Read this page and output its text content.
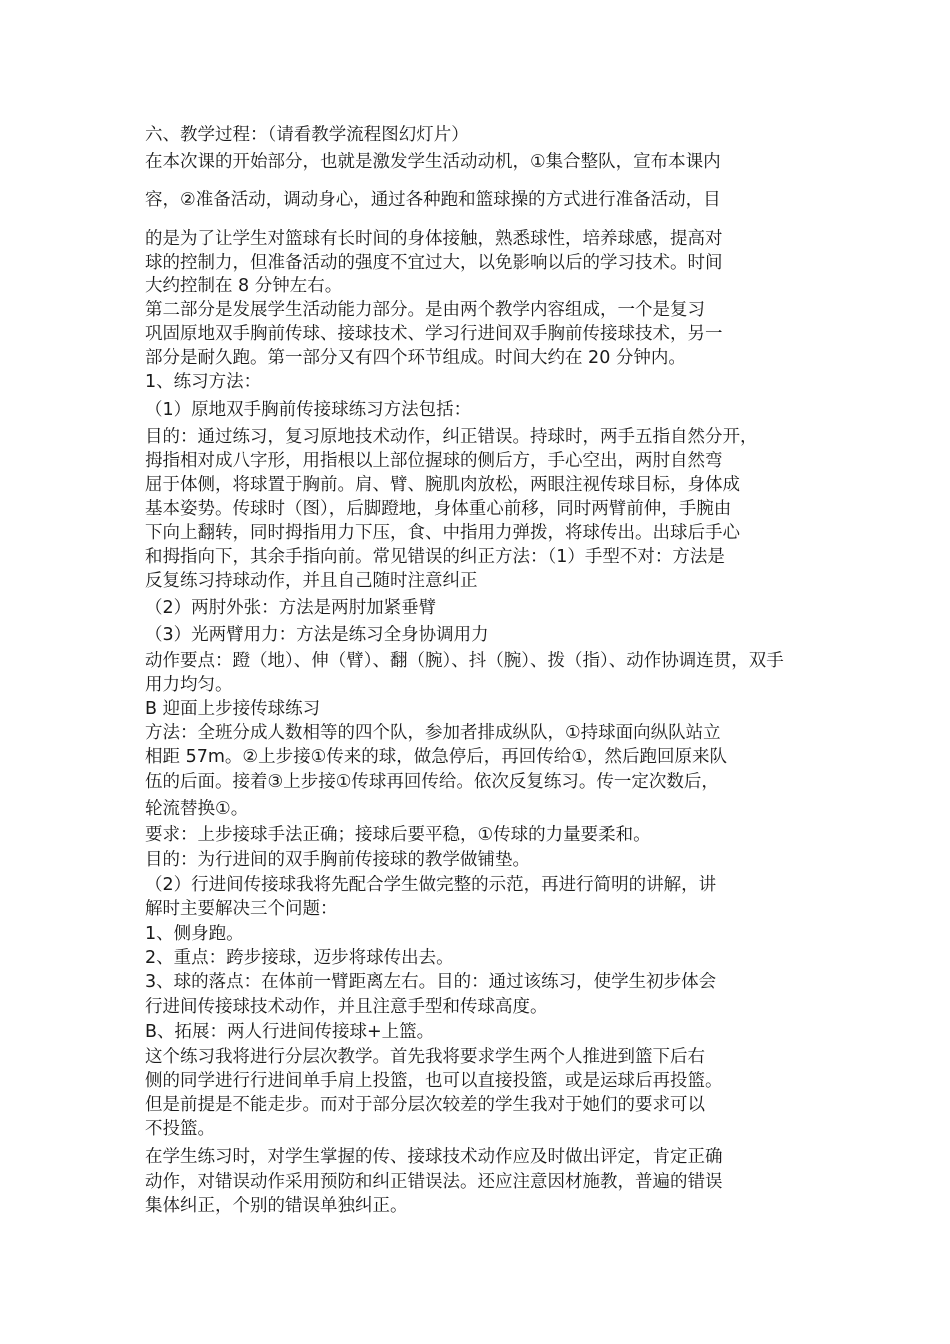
六、教学过程：（请看教学流程图幻灯片）
在本次课的开始部分，也就是激发学生活动动机，①集合整队，宣布本课内
容，②准备活动，调动身心，通过各种跑和篮球操的方式进行准备活动，目
的是为了让学生对篮球有长时间的身体接触，熟悉球性，培养球感，提高对
球的控制力，但准备活动的强度不宜过大，以免影响以后的学习技术。时间
大约控制在 8 分钟左右。
第二部分是发展学生活动能力部分。是由两个教学内容组成，一个是复习
巩固原地双手胸前传球、接球技术、学习行进间双手胸前传接球技术，另一
部分是耐久跑。第一部分又有四个环节组成。时间大约在 20 分钟内。
1、练习方法：
（1）原地双手胸前传接球练习方法包括：
目的：通过练习，复习原地技术动作，纠正错误。持球时，两手五指自然分开，
拇指相对成八字形，用指根以上部位握球的侧后方，手心空出，两肘自然弯
屈于体侧，将球置于胸前。肩、臂、腕肌肉放松，两眼注视传球目标，身体成
基本姿势。传球时（图），后脚蹬地，身体重心前移，同时两臂前伸，手腕由
下向上翻转，同时拇指用力下压，食、中指用力弹拨，将球传出。出球后手心
和拇指向下，其余手指向前。常见错误的纠正方法：（1）手型不对：方法是
反复练习持球动作，并且自己随时注意纠正
（2）两肘外张：方法是两肘加紧垂臂
（3）光两臂用力：方法是练习全身协调用力
动作要点：蹬（地）、伸（臂）、翻（腕）、抖（腕）、拨（指）、动作协调连贯，双手
用力均匀。
B 迎面上步接传球练习
方法：全班分成人数相等的四个队，参加者排成纵队，①持球面向纵队站立
相距 57m。②上步接①传来的球，做急停后，再回传给①，然后跑回原来队
伍的后面。接着③上步接①传球再回传给。依次反复练习。传一定次数后，
轮流替换①。
要求：上步接球手法正确；接球后要平稳，①传球的力量要柔和。
目的：为行进间的双手胸前传接球的教学做铺垫。
（2）行进间传接球我将先配合学生做完整的示范，再进行简明的讲解，讲
解时主要解决三个问题：
1、侧身跑。
2、重点：跨步接球，迈步将球传出去。
3、球的落点：在体前一臂距离左右。目的：通过该练习，使学生初步体会
行进间传接球技术动作，并且注意手型和传球高度。
B、拓展：两人行进间传接球+上篮。
这个练习我将进行分层次教学。首先我将要求学生两个人推进到篮下后右
侧的同学进行行进间单手肩上投篮，也可以直接投篮，或是运球后再投篮。
但是前提是不能走步。而对于部分层次较差的学生我对于她们的要求可以
不投篮。
在学生练习时，对学生掌握的传、接球技术动作应及时做出评定，肯定正确
动作，对错误动作采用预防和纠正错误法。还应注意因材施教，普遍的错误
集体纠正，个别的错误单独纠正。
